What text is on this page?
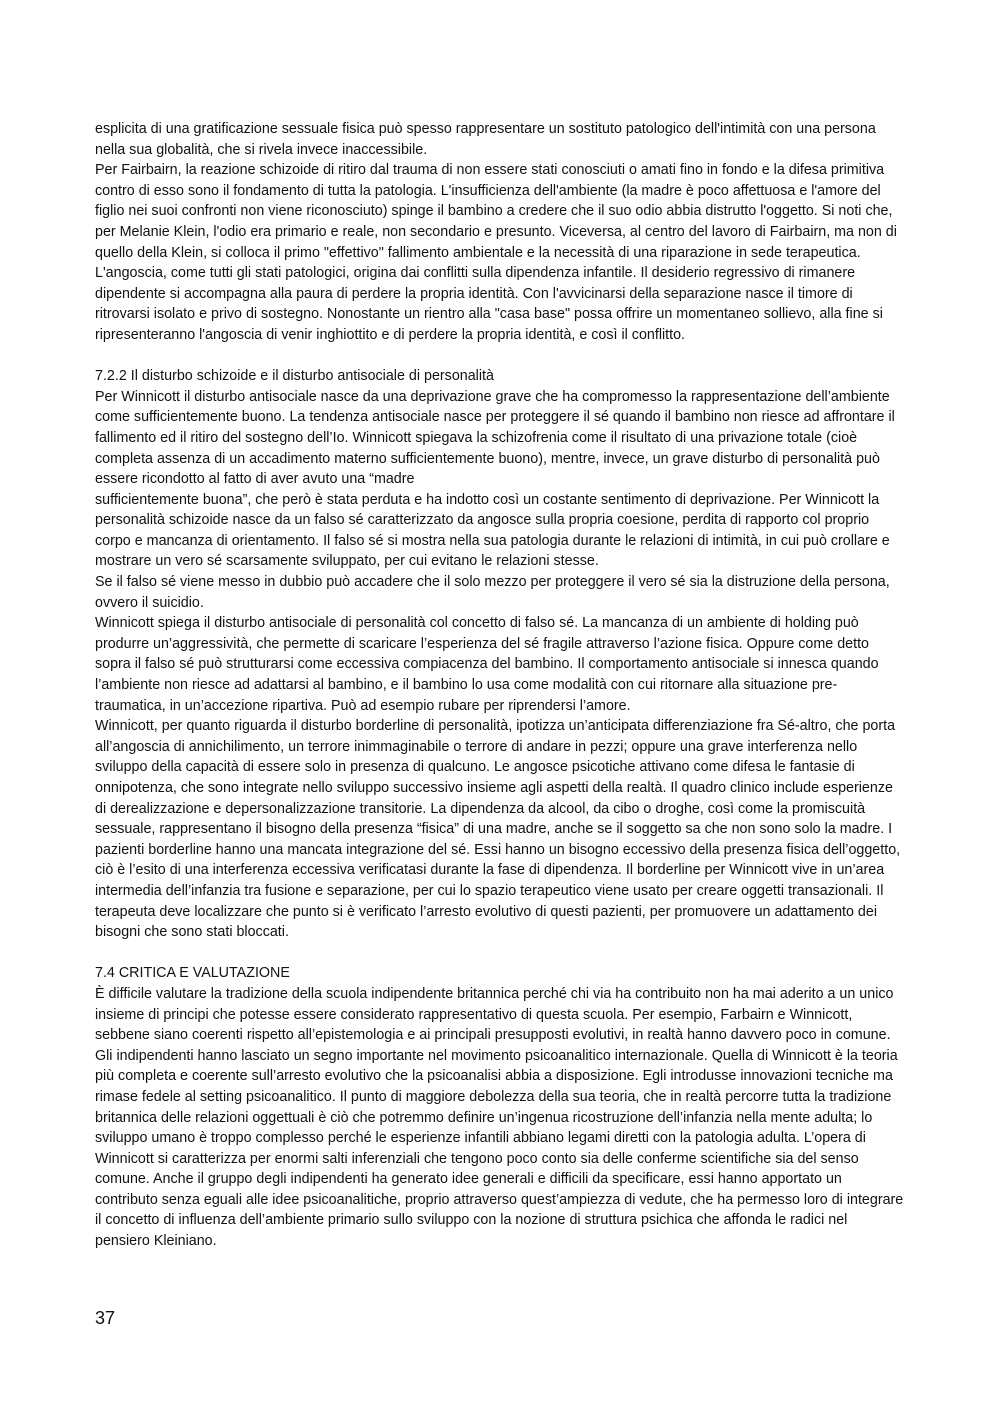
esplicita di una gratificazione sessuale fisica può spesso rappresentare un sostituto patologico dell'intimità con una persona nella sua globalità, che si rivela invece inaccessibile.

Per Fairbairn, la reazione schizoide di ritiro dal trauma di non essere stati conosciuti o amati fino in fondo e la difesa primitiva contro di esso sono il fondamento di tutta la patologia. L'insufficienza dell'ambiente (la madre è poco affettuosa e l'amore del figlio nei suoi confronti non viene riconosciuto) spinge il bambino a credere che il suo odio abbia distrutto l'oggetto. Si noti che, per Melanie Klein, l'odio era primario e reale, non secondario e presunto. Viceversa, al centro del lavoro di Fairbairn, ma non di quello della Klein, si colloca il primo "effettivo" fallimento ambientale e la necessità di una riparazione in sede terapeutica.

L'angoscia, come tutti gli stati patologici, origina dai conflitti sulla dipendenza infantile. Il desiderio regressivo di rimanere dipendente si accompagna alla paura di perdere la propria identità. Con l'avvicinarsi della separazione nasce il timore di ritrovarsi isolato e privo di sostegno. Nonostante un rientro alla "casa base" possa offrire un momentaneo sollievo, alla fine si ripresenteranno l'angoscia di venir inghiottito e di perdere la propria identità, e così il conflitto.

7.2.2 Il disturbo schizoide e il disturbo antisociale di personalità

Per Winnicott il disturbo antisociale nasce da una deprivazione grave che ha compromesso la rappresentazione dell’ambiente come sufficientemente buono. La tendenza antisociale nasce per proteggere il sé quando il bambino non riesce ad affrontare il fallimento ed il ritiro del sostegno dell’Io. Winnicott spiegava la schizofrenia come il risultato di una privazione totale (cioè completa assenza di un accadimento materno sufficientemente buono), mentre, invece, un grave disturbo di personalità può essere ricondotto al fatto di aver avuto una “madre

sufficientemente buona”, che però è stata perduta e ha indotto così un costante sentimento di deprivazione. Per Winnicott la personalità schizoide nasce da un falso sé caratterizzato da angosce sulla propria coesione, perdita di rapporto col proprio corpo e mancanza di orientamento. Il falso sé si mostra nella sua patologia durante le relazioni di intimità, in cui può crollare e mostrare un vero sé scarsamente sviluppato, per cui evitano le relazioni stesse.

Se il falso sé viene messo in dubbio può accadere che il solo mezzo per proteggere il vero sé sia la distruzione della persona, ovvero il suicidio.

Winnicott spiega il disturbo antisociale di personalità col concetto di falso sé. La mancanza di un ambiente di holding può produrre un’aggressività, che permette di scaricare l’esperienza del sé fragile attraverso l’azione fisica. Oppure come detto sopra il falso sé può strutturarsi come eccessiva compiacenza del bambino. Il comportamento antisociale si innesca quando l’ambiente non riesce ad adattarsi al bambino, e il bambino lo usa come modalità con cui ritornare alla situazione pre-traumatica, in un’accezione ripartiva. Può ad esempio rubare per riprendersi l’amore.

Winnicott, per quanto riguarda il disturbo borderline di personalità, ipotizza un’anticipata differenziazione fra Sé-altro, che porta all’angoscia di annichilimento, un terrore inimmaginabile o terrore di andare in pezzi; oppure una grave interferenza nello sviluppo della capacità di essere solo in presenza di qualcuno. Le angosce psicotiche attivano come difesa le fantasie di onnipotenza, che sono integrate nello sviluppo successivo insieme agli aspetti della realtà. Il quadro clinico include esperienze di derealizzazione e depersonalizzazione transitorie. La dipendenza da alcool, da cibo o droghe, così come la promiscuità sessuale, rappresentano il bisogno della presenza “fisica” di una madre, anche se il soggetto sa che non sono solo la madre. I pazienti borderline hanno una mancata integrazione del sé. Essi hanno un bisogno eccessivo della presenza fisica dell’oggetto, ciò è l’esito di una interferenza eccessiva verificatasi durante la fase di dipendenza. Il borderline per Winnicott vive in un’area intermedia dell’infanzia tra fusione e separazione, per cui lo spazio terapeutico viene usato per creare oggetti transazionali. Il terapeuta deve localizzare che punto si è verificato l’arresto evolutivo di questi pazienti, per promuovere un adattamento dei bisogni che sono stati bloccati.

7.4 CRITICA E VALUTAZIONE

È difficile valutare la tradizione della scuola indipendente britannica perché chi via ha contribuito non ha mai aderito a un unico insieme di principi che potesse essere considerato rappresentativo di questa scuola. Per esempio, Farbairn e Winnicott, sebbene siano coerenti rispetto all’epistemologia e ai principali presupposti evolutivi, in realtà hanno davvero poco in comune. Gli indipendenti hanno lasciato un segno importante nel movimento psicoanalitico internazionale. Quella di Winnicott è la teoria più completa e coerente sull’arresto evolutivo che la psicoanalisi abbia a disposizione. Egli introdusse innovazioni tecniche ma rimase fedele al setting psicoanalitico. Il punto di maggiore debolezza della sua teoria, che in realtà percorre tutta la tradizione britannica delle relazioni oggettuali è ciò che potremmo definire un’ingenua ricostruzione dell’infanzia nella mente adulta; lo sviluppo umano è troppo complesso perché le esperienze infantili abbiano legami diretti con la patologia adulta. L’opera di Winnicott si caratterizza per enormi salti inferenziali che tengono poco conto sia delle conferme scientifiche sia del senso comune. Anche il gruppo degli indipendenti ha generato idee generali e difficili da specificare, essi hanno apportato un contributo senza eguali alle idee psicoanalitiche, proprio attraverso quest’ampiezza di vedute, che ha permesso loro di integrare il concetto di influenza dell’ambiente primario sullo sviluppo con la nozione di struttura psichica che affonda le radici nel pensiero Kleiniano.

37
